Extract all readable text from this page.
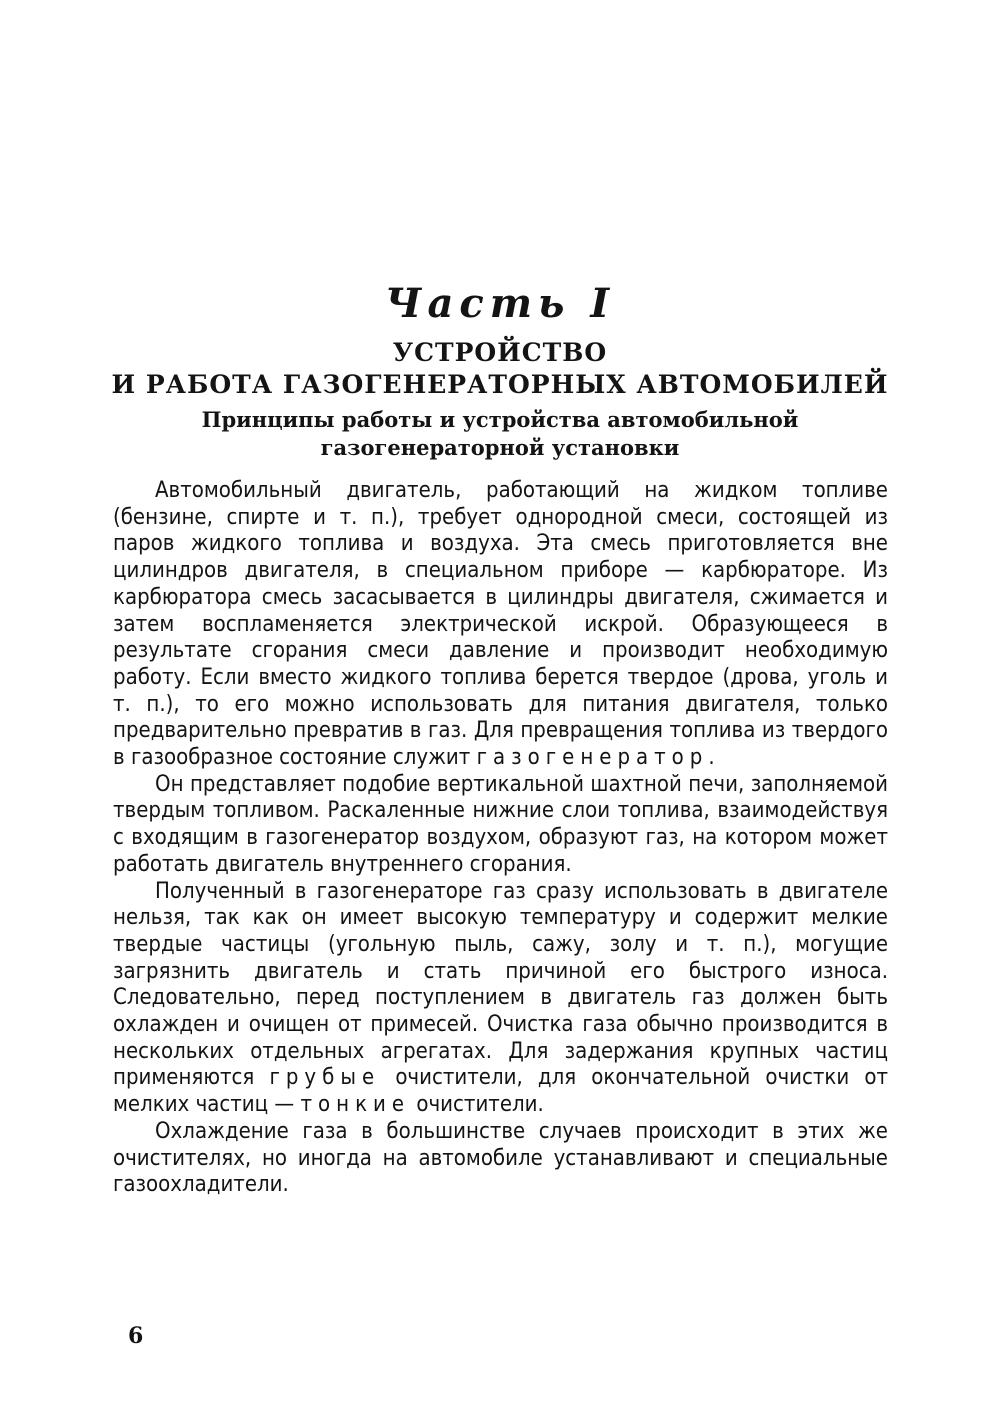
Часть I
УСТРОЙСТВО
И РАБОТА ГАЗОГЕНЕРАТОРНЫХ АВТОМОБИЛЕЙ
Принципы работы и устройства автомобильной
газогенераторной установки

Автомобильный двигатель, работающий на жидком топливе (бензине, спирте и т. п.), требует однородной смеси, состоящей из паров жидкого топлива и воздуха. Эта смесь приготовляется вне цилиндров двигателя, в специальном приборе — карбюраторе. Из карбюратора смесь засасывается в цилиндры двигателя, сжимается и затем воспламеняется электрической искрой. Образующееся в результате сгорания смеси давление и производит необходимую работу. Если вместо жидкого топлива берется твердое (дрова, уголь и т. п.), то его можно использовать для питания двигателя, только предварительно превратив в газ. Для превращения топлива из твердого в газообразное состояние служит газогенератор.

Он представляет подобие вертикальной шахтной печи, заполняемой твердым топливом. Раскаленные нижние слои топлива, взаимодействуя с входящим в газогенератор воздухом, образуют газ, на котором может работать двигатель внутреннего сгорания.

Полученный в газогенераторе газ сразу использовать в двигателе нельзя, так как он имеет высокую температуру и содержит мелкие твердые частицы (угольную пыль, сажу, золу и т. п.), могущие загрязнить двигатель и стать причиной его быстрого износа. Следовательно, перед поступлением в двигатель газ должен быть охлажден и очищен от примесей. Очистка газа обычно производится в нескольких отдельных агрегатах. Для задержания крупных частиц применяются грубые очистители, для окончательной очистки от мелких частиц — тонкие очистители.

Охлаждение газа в большинстве случаев происходит в этих же очистителях, но иногда на автомобиле устанавливают и специальные газоохладители.

6
